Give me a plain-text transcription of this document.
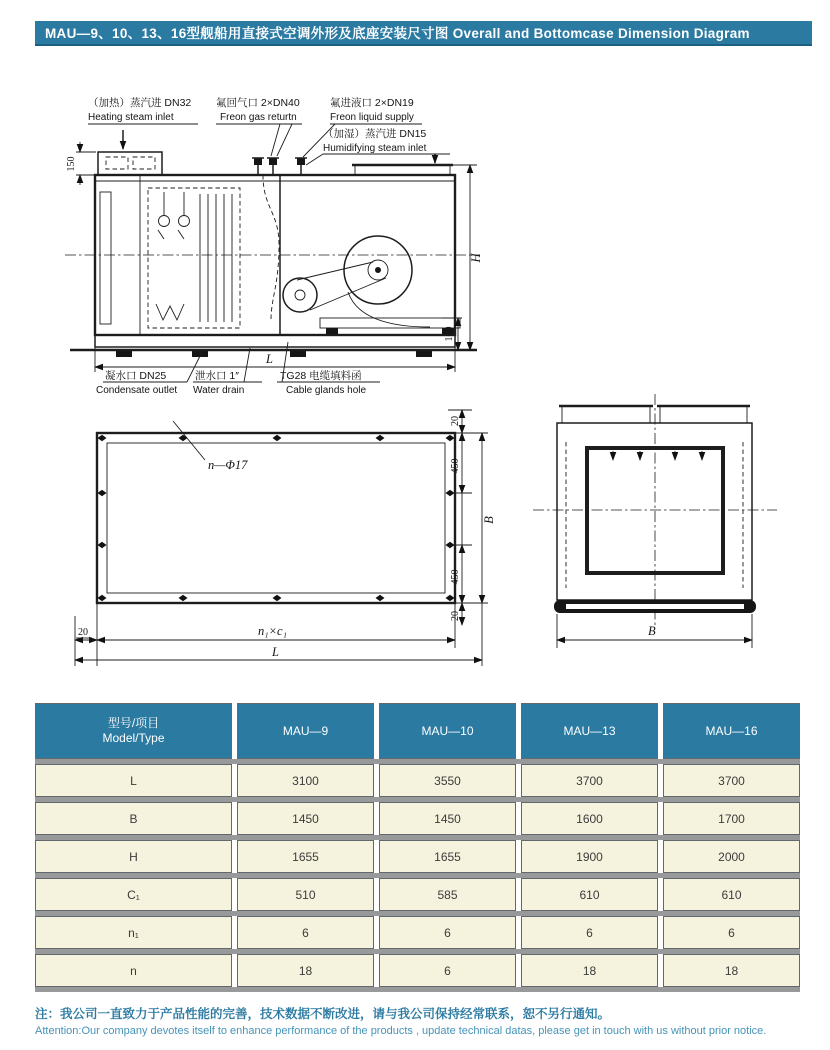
MAU—9、10、13、16型舰船用直接式空调外形及底座安装尺寸图 Overall and Bottomcase Dimension Diagram
150
H
100
L
（加热）蒸汽进 DN32
Heating steam inlet
氟回气口 2×DN40
Freon gas returtn
氟进液口 2×DN19
Freon liquid supply
（加湿）蒸汽进 DN15
Humidifying steam inlet
凝水口 DN25
Condensate outlet
泄水口 1″
Water drain
TG28 电缆填料函
Cable glands hole
n—Φ17
20
450
450
20
B
20	n₁×c₁
L
B
型号/项目
Model/Type	MAU—9	MAU—10	MAU—13	MAU—16
L	3100	3550	3700	3700
B	1450	1450	1600	1700
H	1655	1655	1900	2000
C₁	510	585	610	610
n₁	6	6	6	6
n	18	6	18	18
注：我公司一直致力于产品性能的完善，技术数据不断改进，请与我公司保持经常联系，恕不另行通知。
Attention:Our company devotes itself to enhance performance of the products , update technical datas, please get in touch with us without prior notice.
